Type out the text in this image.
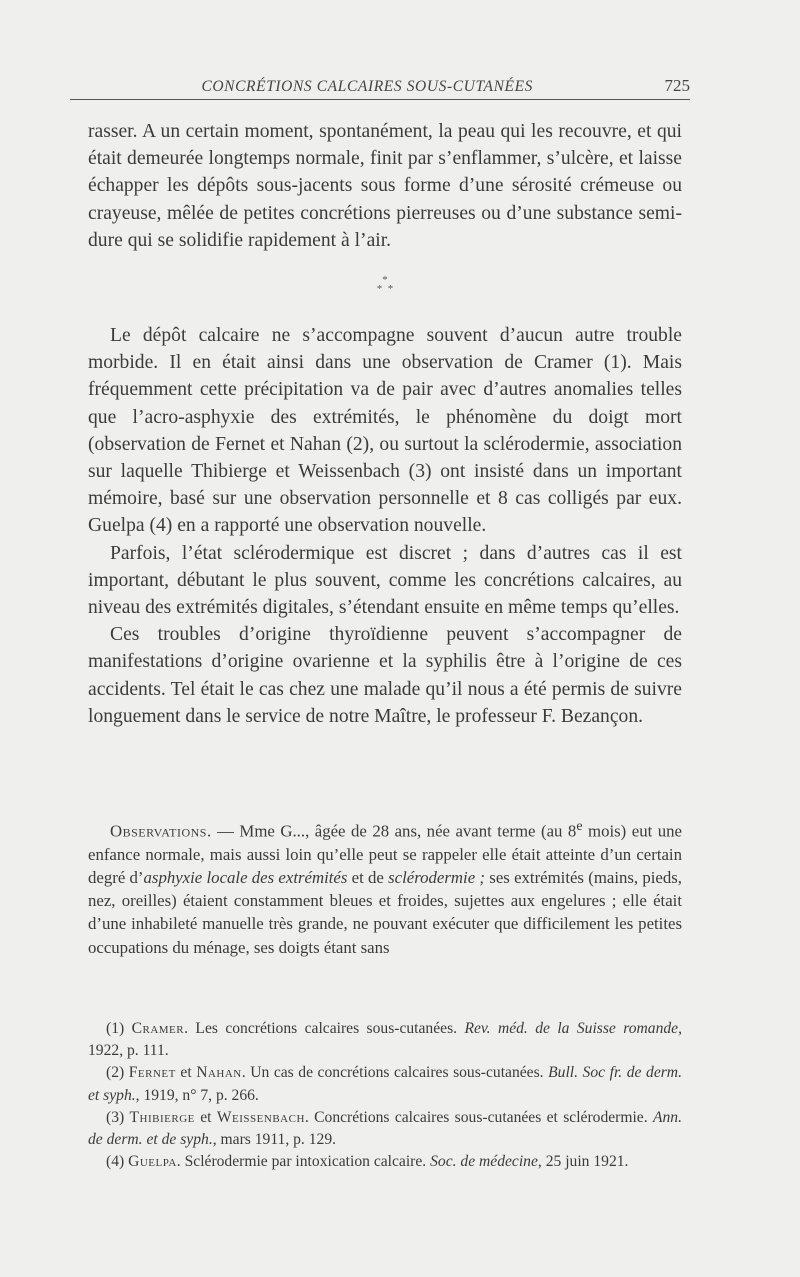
CONCRÉTIONS CALCAIRES SOUS-CUTANÉES	725

rasser. A un certain moment, spontanément, la peau qui les recouvre, et qui était demeurée longtemps normale, finit par s’enflammer, s’ulcère, et laisse échapper les dépôts sous-jacents sous forme d’une sérosité crémeuse ou crayeuse, mêlée de petites concrétions pierreuses ou d’une substance semi-dure qui se solidifie rapidement à l’air.

*
*  *

Le dépôt calcaire ne s’accompagne souvent d’aucun autre trouble morbide. Il en était ainsi dans une observation de Cramer (1). Mais fréquemment cette précipitation va de pair avec d’autres anomalies telles que l’acro-asphyxie des extrémités, le phénomène du doigt mort (observation de Fernet et Nahan (2), ou surtout la sclérodermie, association sur laquelle Thibierge et Weissenbach (3) ont insisté dans un important mémoire, basé sur une observation personnelle et 8 cas colligés par eux. Guelpa (4) en a rapporté une observation nouvelle.

Parfois, l’état sclérodermique est discret ; dans d’autres cas il est important, débutant le plus souvent, comme les concrétions calcaires, au niveau des extrémités digitales, s’étendant ensuite en même temps qu’elles.

Ces troubles d’origine thyroïdienne peuvent s’accompagner de manifestations d’origine ovarienne et la syphilis être à l’origine de ces accidents. Tel était le cas chez une malade qu’il nous a été permis de suivre longuement dans le service de notre Maître, le professeur F. Bezançon.

Observations. — Mme G..., âgée de 28 ans, née avant terme (au 8e mois) eut une enfance normale, mais aussi loin qu’elle peut se rappeler elle était atteinte d’un certain degré d’asphyxie locale des extrémités et de sclérodermie ; ses extrémités (mains, pieds, nez, oreilles) étaient constamment bleues et froides, sujettes aux engelures ; elle était d’une inhabileté manuelle très grande, ne pouvant exécuter que difficilement les petites occupations du ménage, ses doigts étant sans

(1) Cramer. Les concrétions calcaires sous-cutanées. Rev. méd. de la Suisse romande, 1922, p. 111.

(2) Fernet et Nahan. Un cas de concrétions calcaires sous-cutanées. Bull. Soc fr. de derm. et syph., 1919, n° 7, p. 266.

(3) Thibierge et Weissenbach. Concrétions calcaires sous-cutanées et sclérodermie. Ann. de derm. et de syph., mars 1911, p. 129.

(4) Guelpa. Sclérodermie par intoxication calcaire. Soc. de médecine, 25 juin 1921.
